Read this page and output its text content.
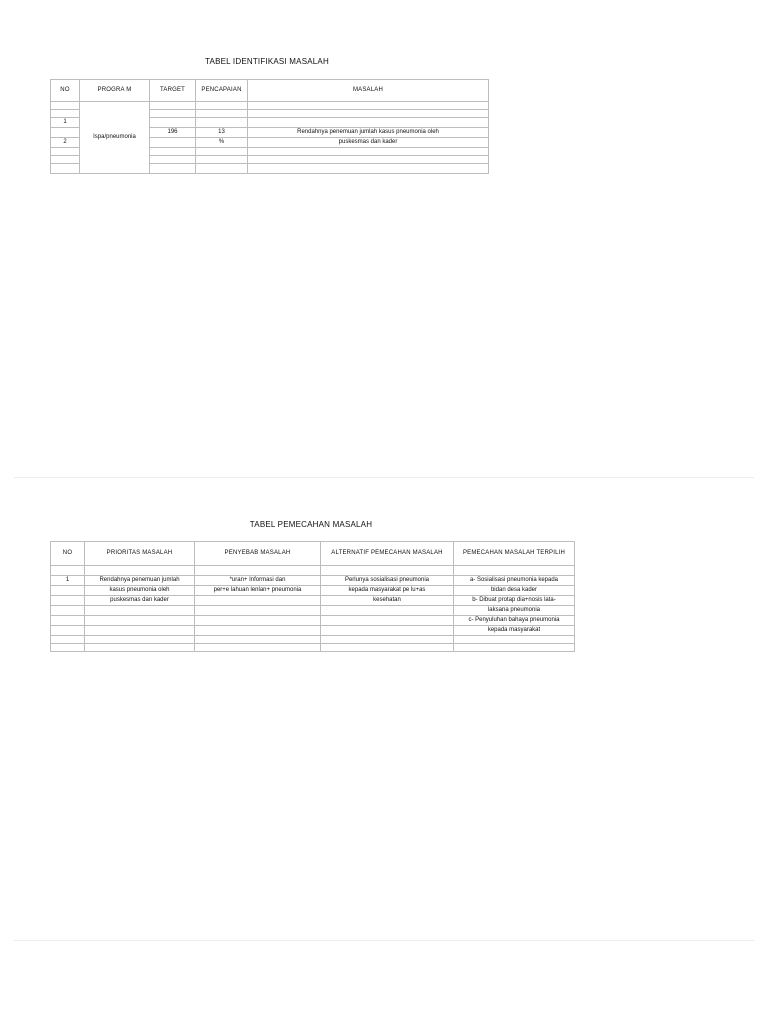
TABEL IDENTIFIKASI MASALAH
NO	PROGRA M	TARGET	PENCAPAIAN	MASALAH
	Ispa/pneumonia			

1				
		196	13	Rendahnya penemuan jumlah kasus pneumonia oleh
2			%	puskesmas dan kader

TABEL PEMECAHAN MASALAH
NO	PRIORITAS MASALAH	PENYEBAB MASALAH	ALTERNATIF PEMECAHAN MASALAH	PEMECAHAN MASALAH TERPILIH

1	Rendahnya penemuan jumlah	*uran+ Informasi dan	Perlunya sosialisasi pneumonia	a- Sosialisasi pneumonia kepada
	kasus pneumonia oleh	per+e lahuan lenlan+ pneumonia	kepada masyarakat pe lu+as	bidan desa kader
	puskesmas dan kader		kesehatan	b- Dibuat protap dia+nosis lata-
				laksana pneumonia
				c- Penyuluhan bahaya pneumonia
				kepada masyarakat
